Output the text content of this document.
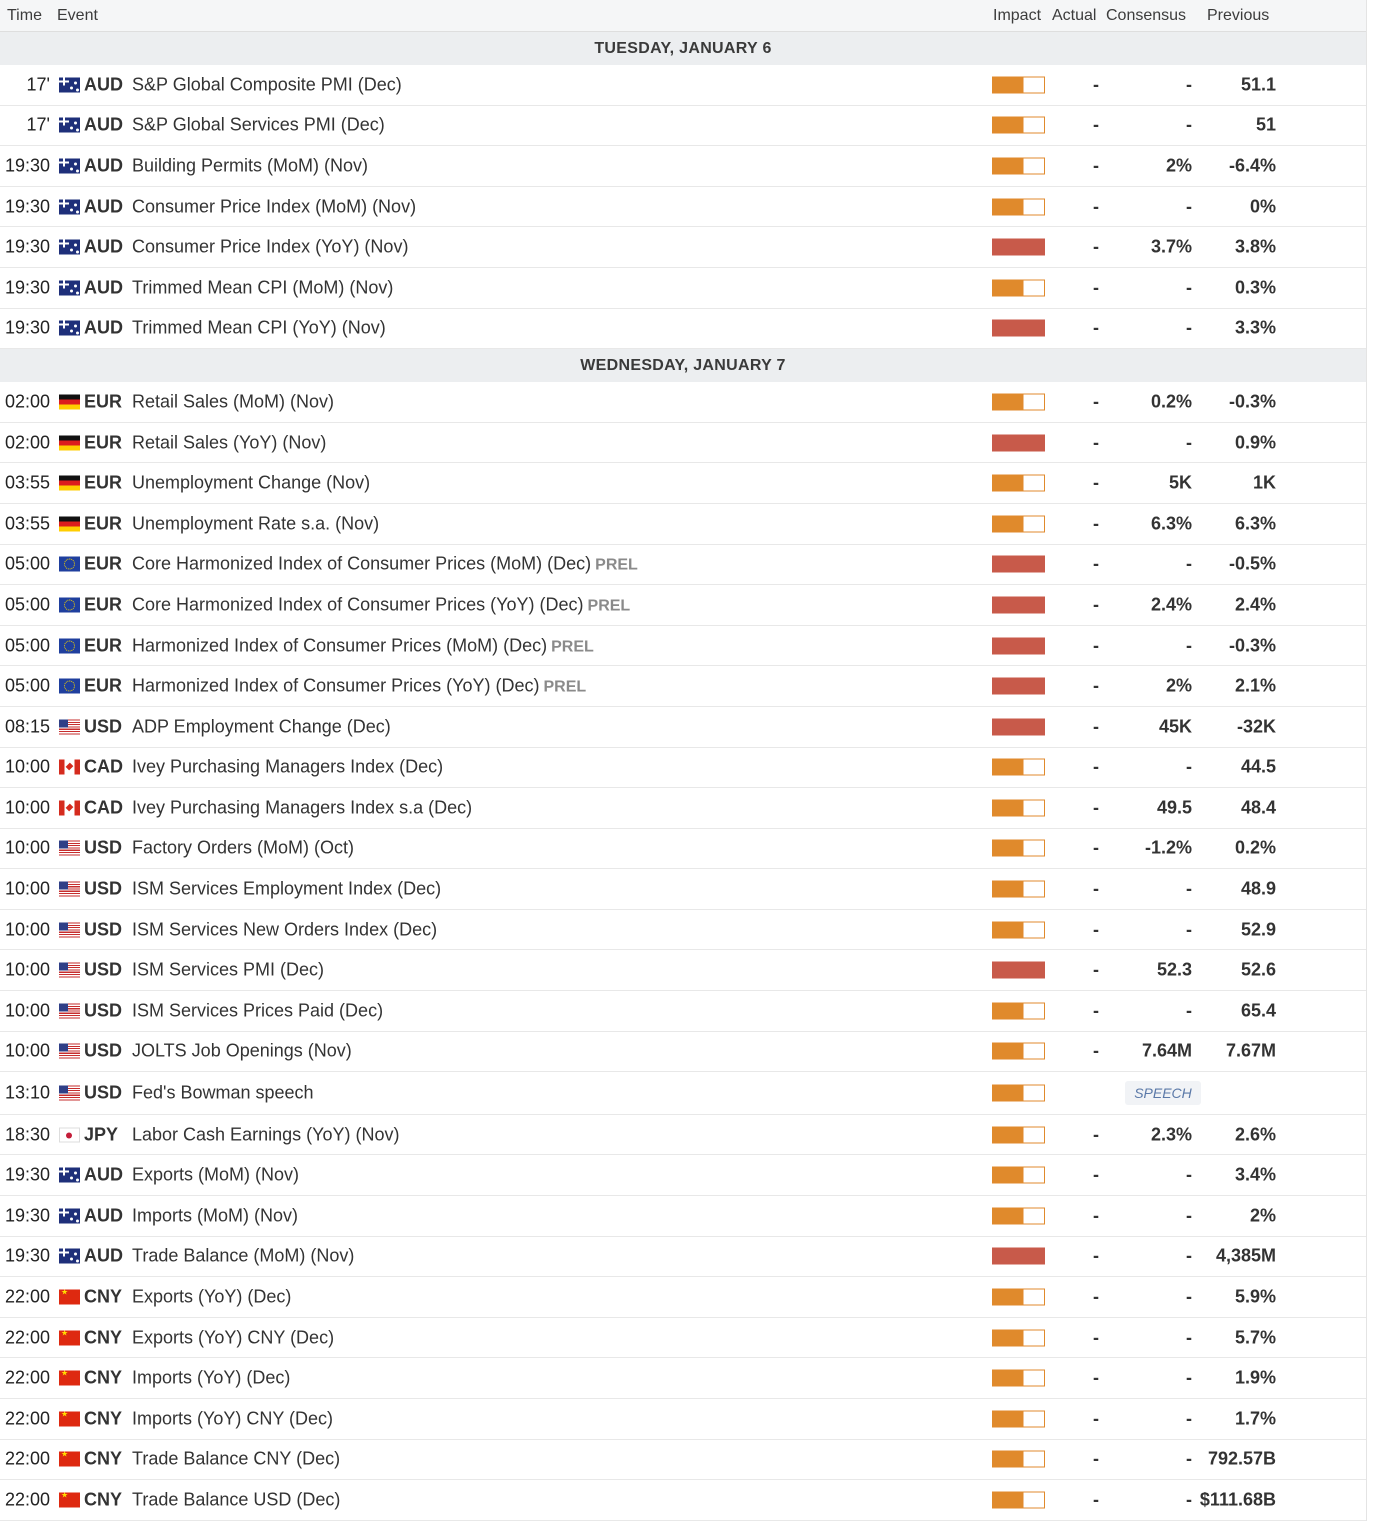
Time Event	Impact Actual Consensus Previous
TUESDAY, JANUARY 6
17' AUD S&P Global Composite PMI (Dec)	-	-	51.1
17' AUD S&P Global Services PMI (Dec)	-	-	51
19:30 AUD Building Permits (MoM) (Nov)	-	2% -6.4%
19:30 AUD Consumer Price Index (MoM) (Nov)	-	-	0%
19:30 AUD Consumer Price Index (YoY) (Nov)	-	3.7% 3.8%
19:30 AUD Trimmed Mean CPI (MoM) (Nov)	-	- 0.3%
19:30 AUD Trimmed Mean CPI (YoY) (Nov)	-	- 3.3%
WEDNESDAY, JANUARY 7
02:00 EUR Retail Sales (MoM) (Nov)	-	0.2% -0.3%
02:00 EUR Retail Sales (YoY) (Nov)	-	- 0.9%
03:55 EUR Unemployment Change (Nov)	-	5K	1K
03:55 EUR Unemployment Rate s.a. (Nov)	-	6.3% 6.3%
05:00 EUR Core Harmonized Index of Consumer Prices (MoM) (Dec) PREL	-	- -0.5%
05:00 EUR Core Harmonized Index of Consumer Prices (YoY) (Dec) PREL	-	2.4% 2.4%
05:00 EUR Harmonized Index of Consumer Prices (MoM) (Dec) PREL	-	- -0.3%
05:00 EUR Harmonized Index of Consumer Prices (YoY) (Dec) PREL	-	2% 2.1%
08:15 USD ADP Employment Change (Dec)	-	45K -32K
10:00 CAD Ivey Purchasing Managers Index (Dec)	-	-	44.5
10:00 CAD Ivey Purchasing Managers Index s.a (Dec)	-	49.5	48.4
10:00 USD Factory Orders (MoM) (Oct)	-	-1.2% 0.2%
10:00 USD ISM Services Employment Index (Dec)	-	-	48.9
10:00 USD ISM Services New Orders Index (Dec)	-	-	52.9
10:00 USD ISM Services PMI (Dec)	-	52.3	52.6
10:00 USD ISM Services Prices Paid (Dec)	-	-	65.4
10:00 USD JOLTS Job Openings (Nov)	-	7.64M 7.67M
13:10 USD Fed's Bowman speech	SPEECH
18:30 JPY Labor Cash Earnings (YoY) (Nov)	-	2.3% 2.6%
19:30 AUD Exports (MoM) (Nov)	-	- 3.4%
19:30 AUD Imports (MoM) (Nov)	-	-	2%
19:30 AUD Trade Balance (MoM) (Nov)	-	- 4,385M
22:00 ★ CNY Exports (YoY) (Dec)	-	- 5.9%
22:00 ★ CNY Exports (YoY) CNY (Dec)	-	- 5.7%
22:00 ★ CNY Imports (YoY) (Dec)	-	- 1.9%
22:00 ★ CNY Imports (YoY) CNY (Dec)	-	- 1.7%
22:00 ★ CNY Trade Balance CNY (Dec)	-	- 792.57B
22:00 ★ CNY Trade Balance USD (Dec)	-	- $111.68B
